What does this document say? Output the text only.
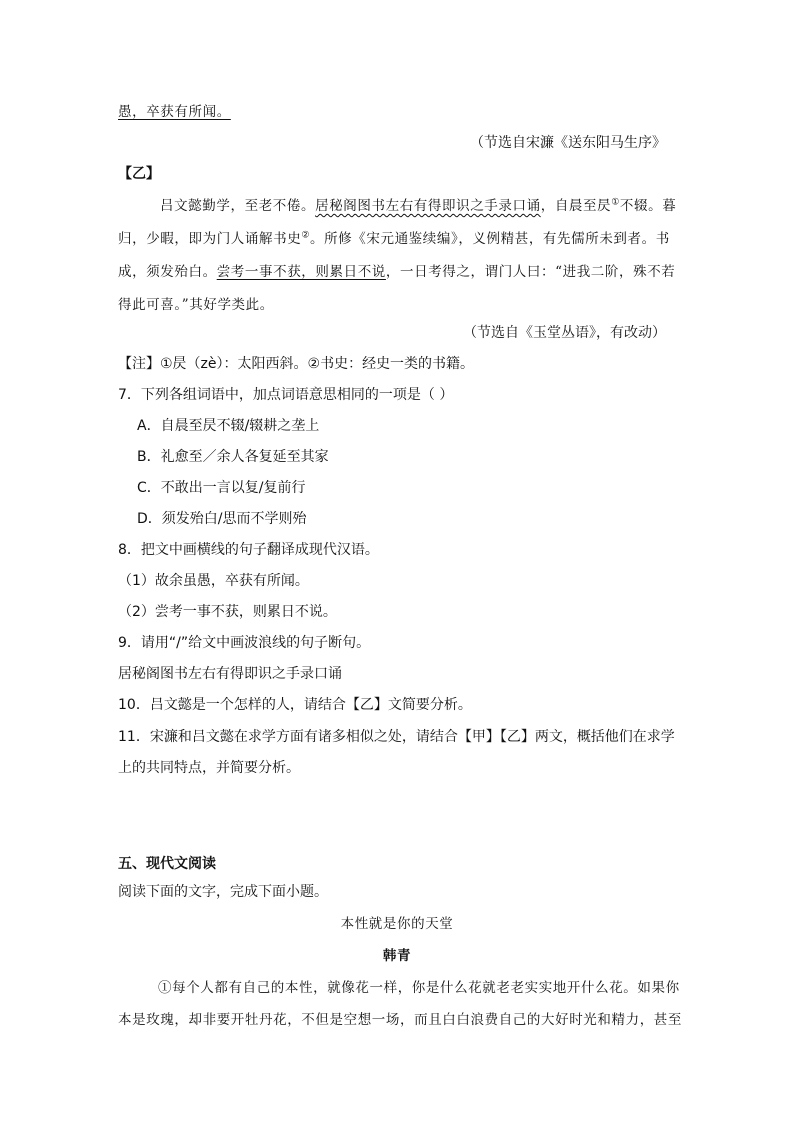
愚，卒获有所闻。
（节选自宋濂《送东阳马生序》
【乙】
吕文懿勤学，至老不倦。居秘阁图书左右有得即识之手录口诵，自晨至昃①不辍。暮
归，少暇，即为门人诵解书史②。所修《宋元通鉴续编》，义例精甚，有先儒所未到者。书
成，须发殆白。尝考一事不获，则累日不说，一日考得之，谓门人曰：“进我二阶，殊不若
得此可喜。”其好学类此。
（节选自《玉堂丛语》，有改动）
【注】①昃（zè）：太阳西斜。②书史：经史一类的书籍。
7．下列各组词语中，加点词语意思相同的一项是（ ）
A．自晨至昃不辍/辍耕之垄上
B．礼愈至／余人各复延至其家
C．不敢出一言以复/复前行
D．须发殆白/思而不学则殆
8．把文中画横线的句子翻译成现代汉语。
（1）故余虽愚，卒获有所闻。
（2）尝考一事不获，则累日不说。
9．请用“/”给文中画波浪线的句子断句。
居秘阁图书左右有得即识之手录口诵
10．吕文懿是一个怎样的人，请结合【乙】文简要分析。
11．宋濂和吕文懿在求学方面有诸多相似之处，请结合【甲】【乙】两文，概括他们在求学
上的共同特点，并简要分析。
五、现代文阅读
阅读下面的文字，完成下面小题。
本性就是你的天堂
韩青
①每个人都有自己的本性，就像花一样，你是什么花就老老实实地开什么花。如果你
本是玫瑰，却非要开牡丹花，不但是空想一场，而且白白浪费自己的大好时光和精力，甚至
